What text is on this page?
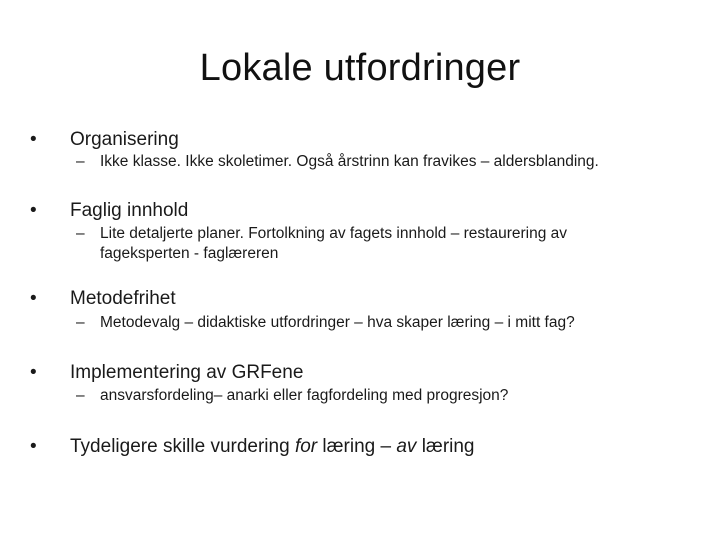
Lokale utfordringer
•	Organisering
– Ikke klasse. Ikke skoletimer. Også årstrinn kan fravikes – aldersblanding.
•	Faglig innhold
– Lite detaljerte planer. Fortolkning av fagets innhold – restaurering av fageksperten - faglæreren
•	Metodefrihet
– Metodevalg – didaktiske utfordringer – hva skaper læring – i mitt fag?
•	Implementering av GRFene
– ansvarsfordeling– anarki eller fagfordeling med progresjon?
•	Tydeligere skille vurdering for læring – av læring
